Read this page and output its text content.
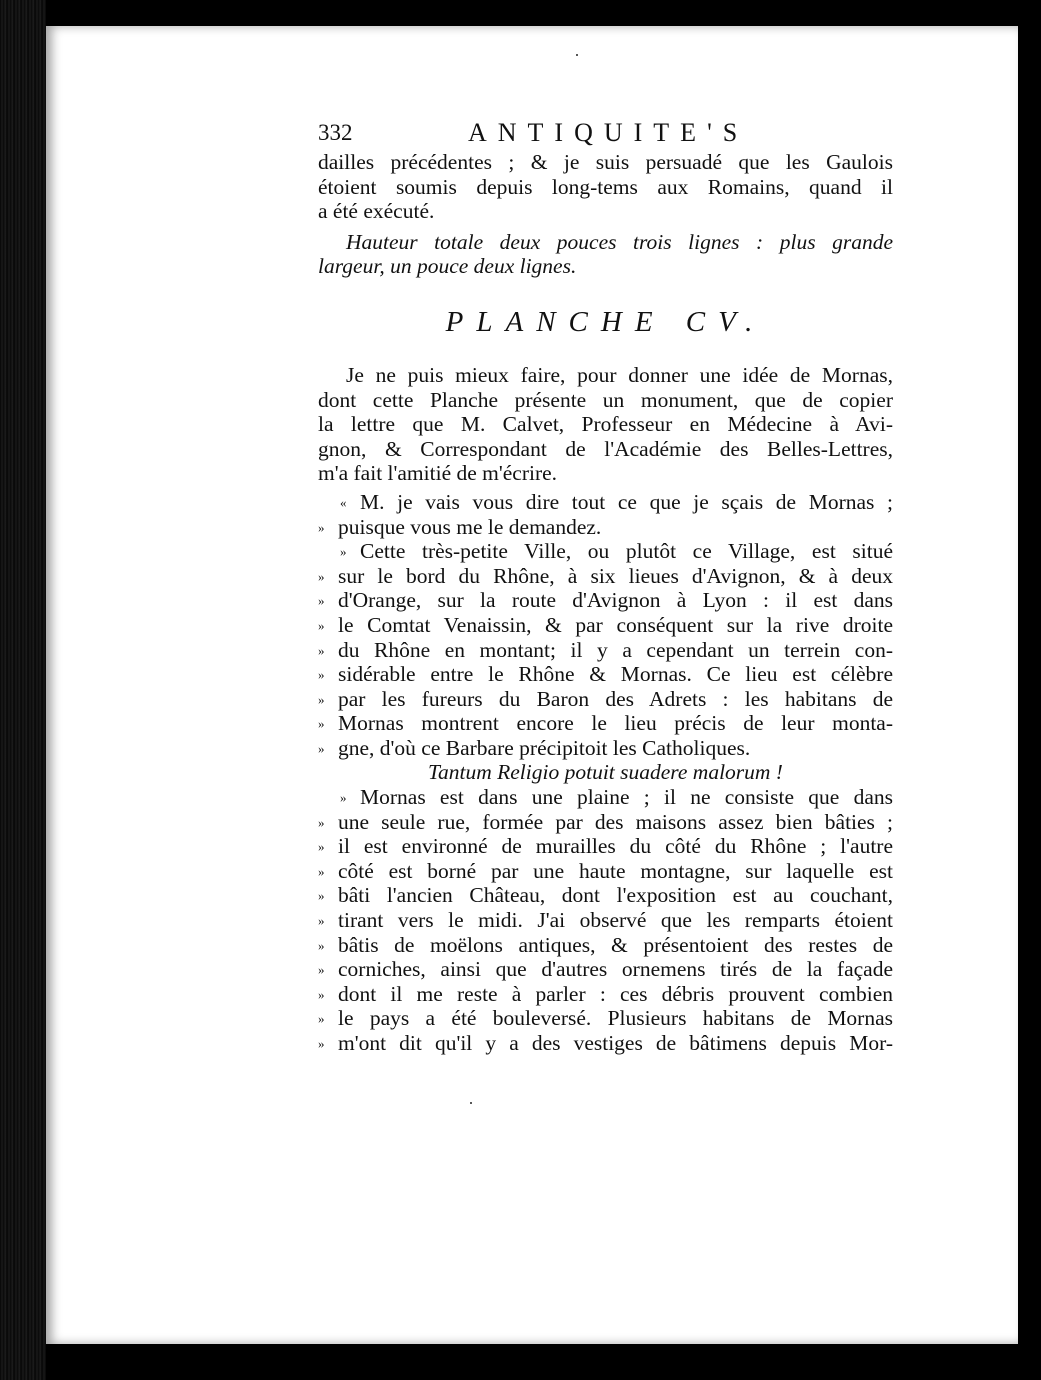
332	ANTIQUITE'S
dailles précédentes ; & je suis persuadé que les Gaulois
étoient soumis depuis long-tems aux Romains, quand il
a été exécuté.
Hauteur totale deux pouces trois lignes : plus grande
largeur, un pouce deux lignes.
PLANCHE CV.
Je ne puis mieux faire, pour donner une idée de Mornas,
dont cette Planche présente un monument, que de copier
la lettre que M. Calvet, Professeur en Médecine à Avi-
gnon, & Correspondant de l'Académie des Belles-Lettres,
m'a fait l'amitié de m'écrire.
« M. je vais vous dire tout ce que je sçais de Mornas ;
» puisque vous me le demandez.
» Cette très-petite Ville, ou plutôt ce Village, est situé
» sur le bord du Rhône, à six lieues d'Avignon, & à deux
» d'Orange, sur la route d'Avignon à Lyon : il est dans
» le Comtat Venaissin, & par conséquent sur la rive droite
» du Rhône en montant; il y a cependant un terrein con-
» sidérable entre le Rhône & Mornas. Ce lieu est célèbre
» par les fureurs du Baron des Adrets : les habitans de
» Mornas montrent encore le lieu précis de leur monta-
» gne, d'où ce Barbare précipitoit les Catholiques.
Tantum Religio potuit suadere malorum !
» Mornas est dans une plaine ; il ne consiste que dans
» une seule rue, formée par des maisons assez bien bâties ;
» il est environné de murailles du côté du Rhône ; l'autre
» côté est borné par une haute montagne, sur laquelle est
» bâti l'ancien Château, dont l'exposition est au couchant,
» tirant vers le midi. J'ai observé que les remparts étoient
» bâtis de moëlons antiques, & présentoient des restes de
» corniches, ainsi que d'autres ornemens tirés de la façade
» dont il me reste à parler : ces débris prouvent combien
» le pays a été bouleversé. Plusieurs habitans de Mornas
» m'ont dit qu'il y a des vestiges de bâtimens depuis Mor-
